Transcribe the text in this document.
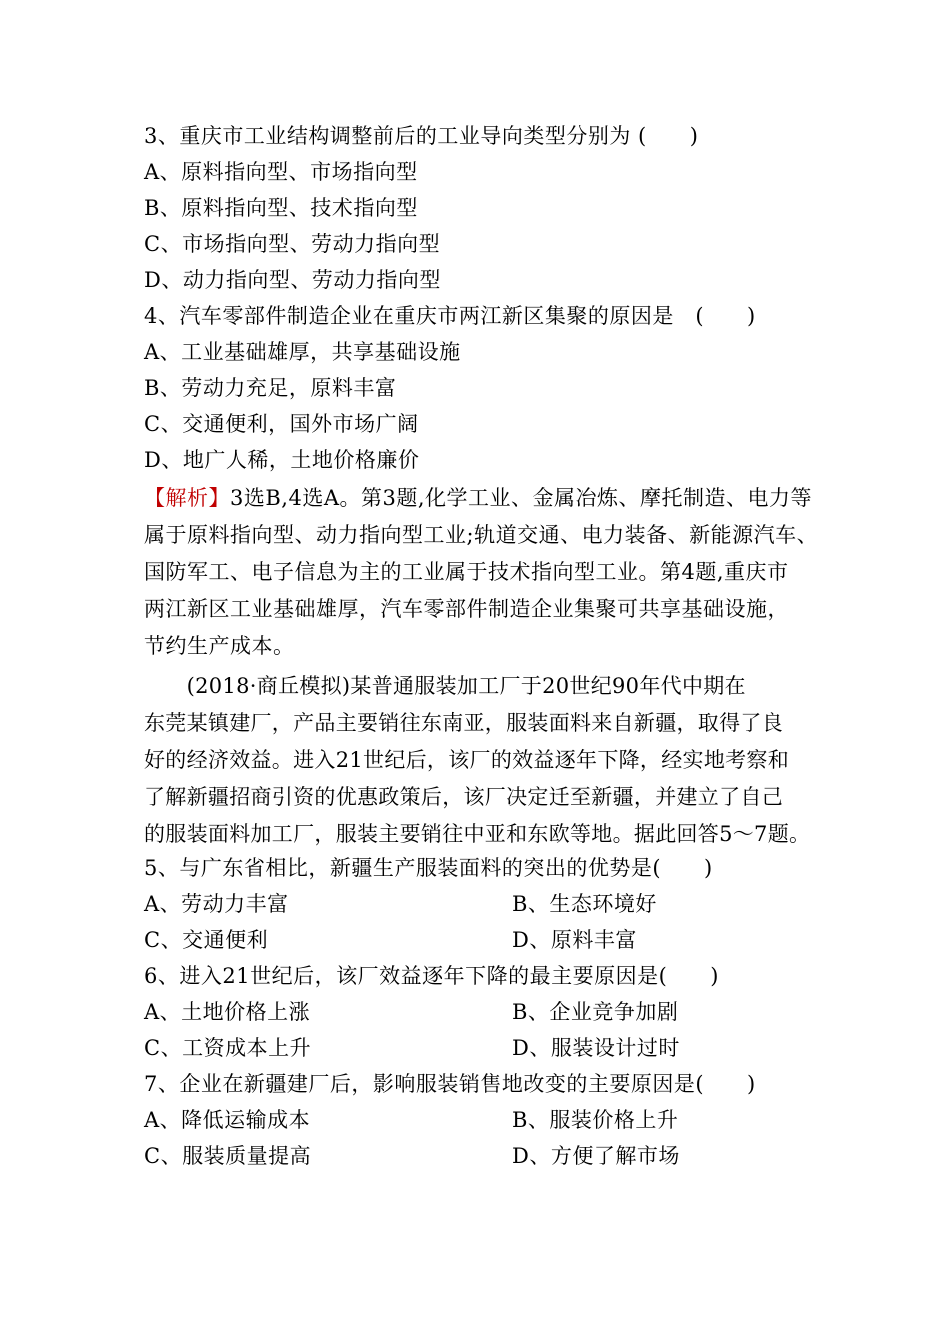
3、重庆市工业结构调整前后的工业导向类型分别为 (　　)
A、原料指向型、市场指向型
B、原料指向型、技术指向型
C、市场指向型、劳动力指向型
D、动力指向型、劳动力指向型
4、汽车零部件制造企业在重庆市两江新区集聚的原因是　(　　)
A、工业基础雄厚，共享基础设施
B、劳动力充足，原料丰富
C、交通便利，国外市场广阔
D、地广人稀，土地价格廉价
【解析】3选B,4选A。第3题,化学工业、金属冶炼、摩托制造、电力等
属于原料指向型、动力指向型工业;轨道交通、电力装备、新能源汽车、
国防军工、电子信息为主的工业属于技术指向型工业。第4题,重庆市
两江新区工业基础雄厚，汽车零部件制造企业集聚可共享基础设施，
节约生产成本。
　　(2018·商丘模拟)某普通服装加工厂于20世纪90年代中期在
东莞某镇建厂，产品主要销往东南亚，服装面料来自新疆，取得了良
好的经济效益。进入21世纪后，该厂的效益逐年下降，经实地考察和
了解新疆招商引资的优惠政策后，该厂决定迁至新疆，并建立了自己
的服装面料加工厂，服装主要销往中亚和东欧等地。据此回答5～7题。
5、与广东省相比，新疆生产服装面料的突出的优势是(　　)
A、劳动力丰富	B、生态环境好
C、交通便利	D、原料丰富
6、进入21世纪后，该厂效益逐年下降的最主要原因是(　　)
A、土地价格上涨	B、企业竞争加剧
C、工资成本上升	D、服装设计过时
7、企业在新疆建厂后，影响服装销售地改变的主要原因是(　　)
A、降低运输成本	B、服装价格上升
C、服装质量提高	D、方便了解市场
